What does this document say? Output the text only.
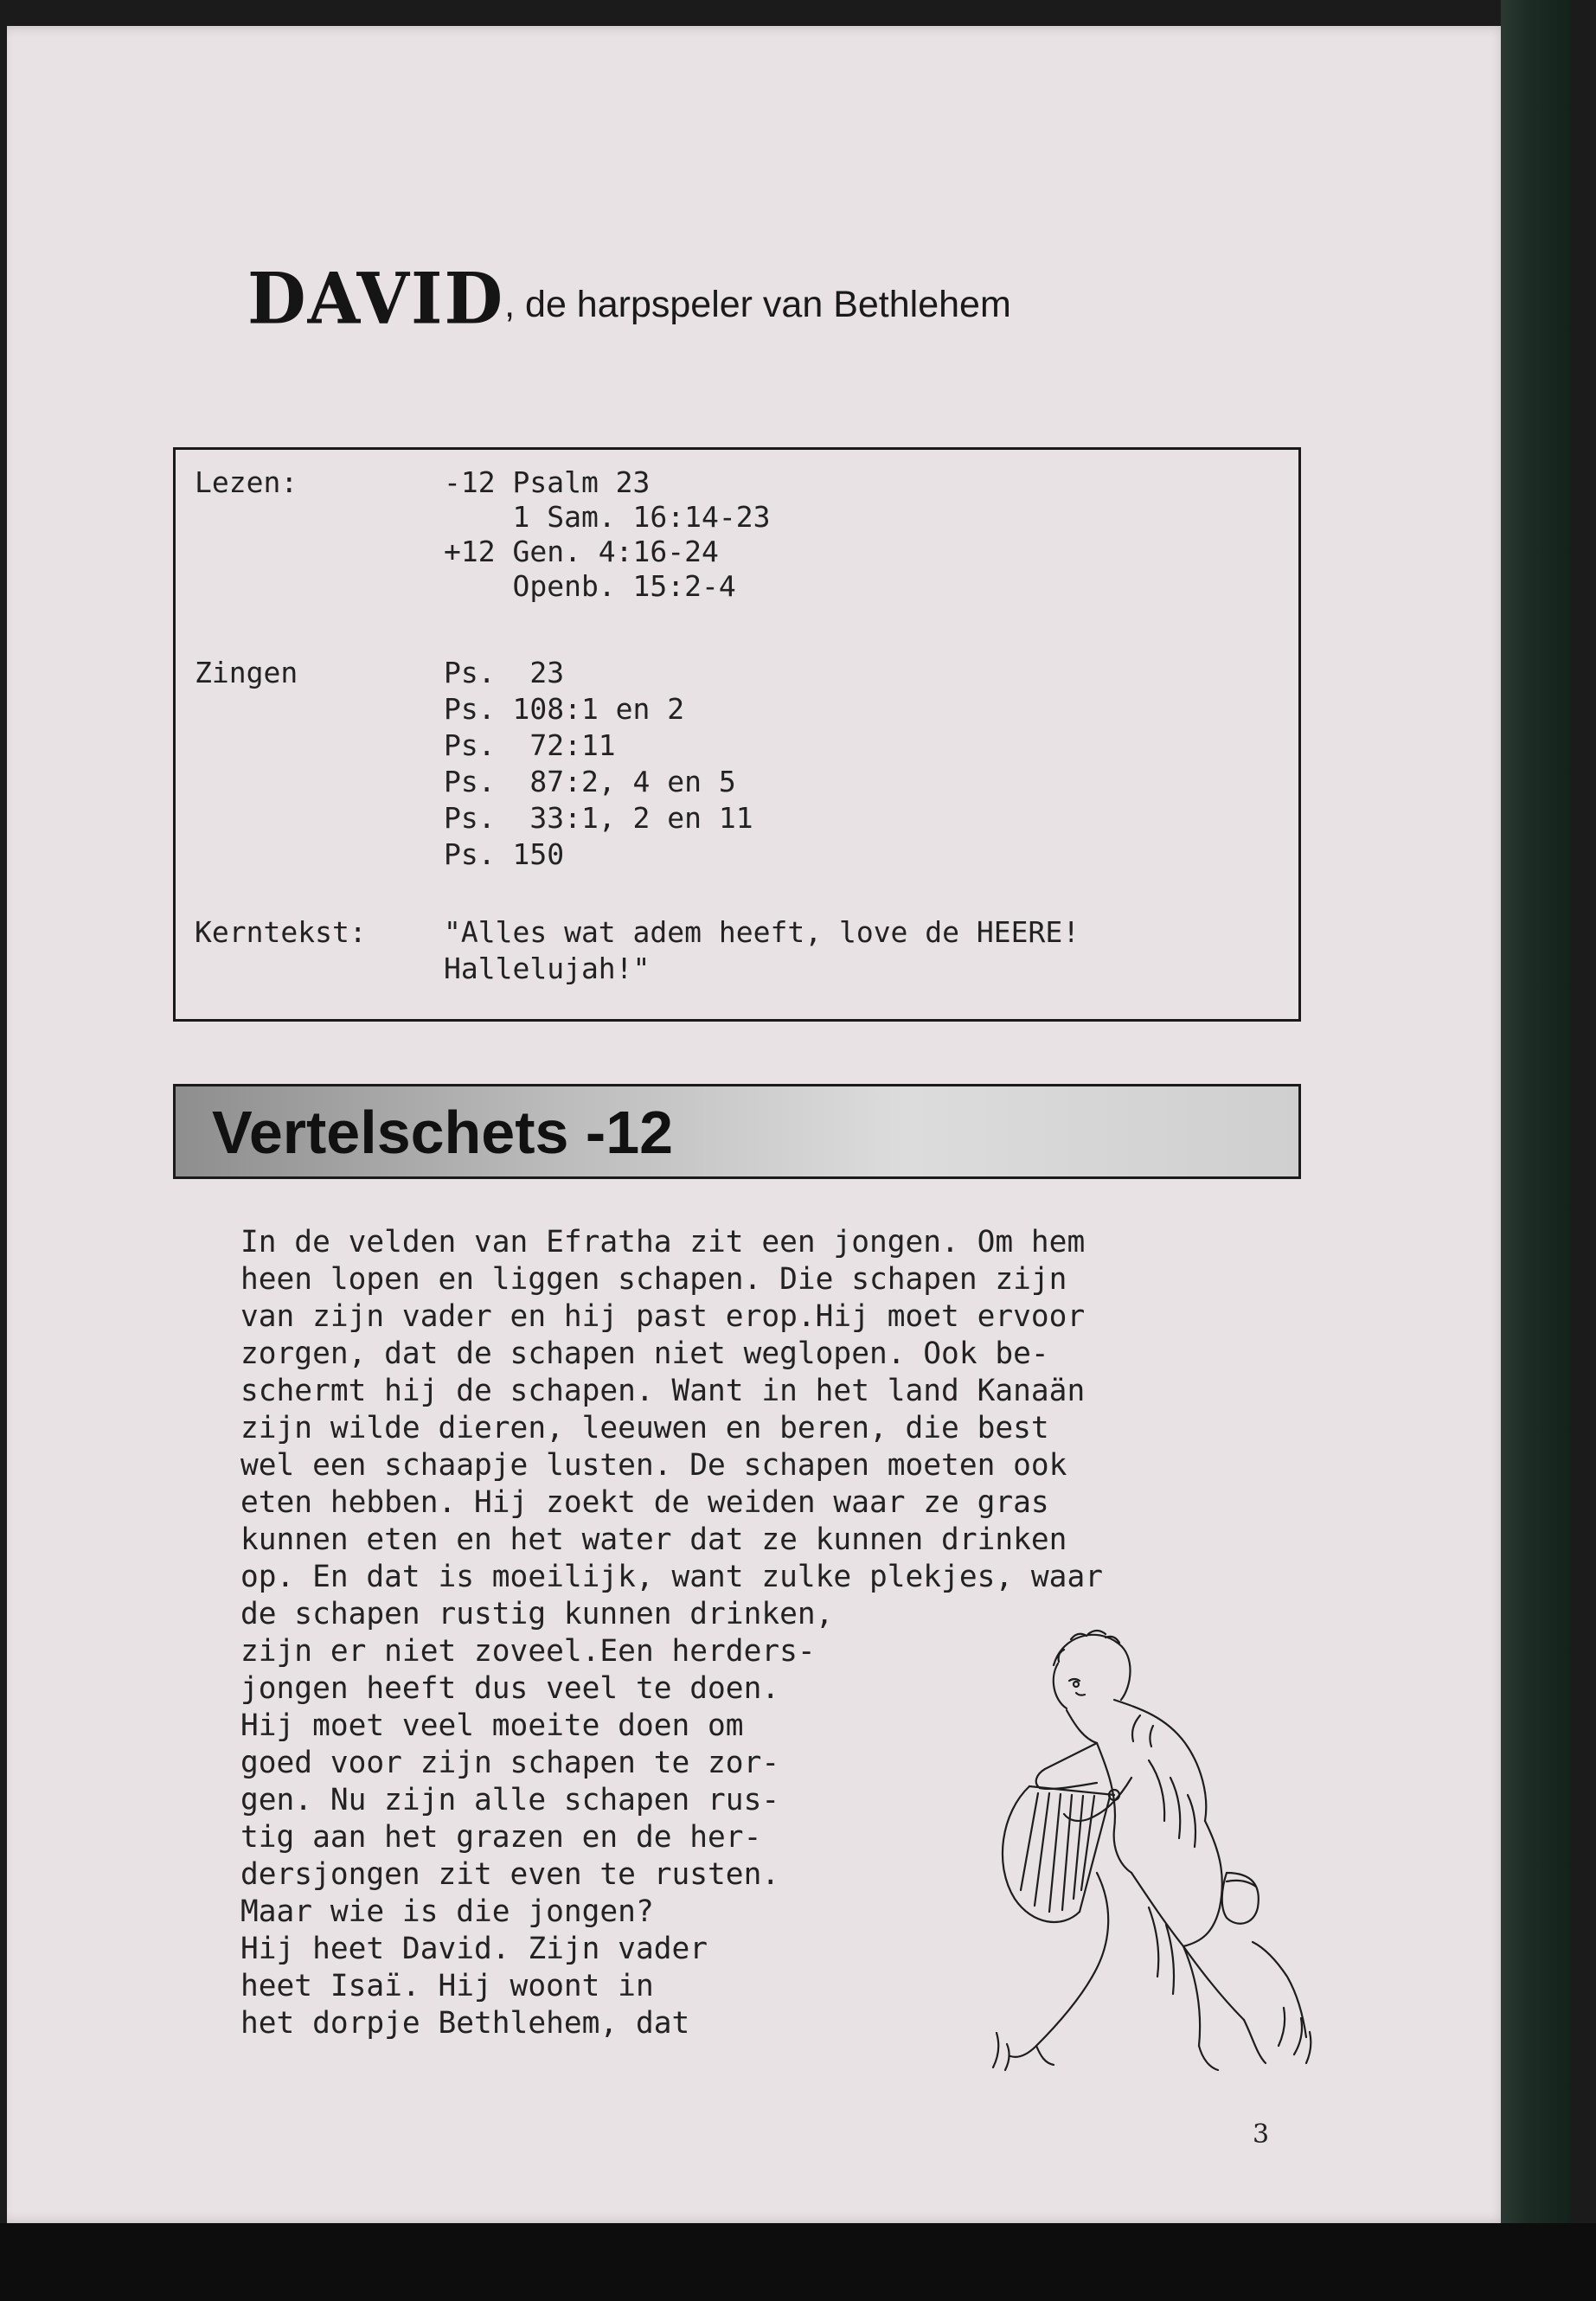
DAVID , de harpspeler van Bethlehem
Lezen:	-12 Psalm 23
1 Sam. 16:14-23
+12 Gen. 4:16-24
Openb. 15:2-4
Zingen	Ps.  23
Ps. 108:1 en 2
Ps.  72:11
Ps.  87:2, 4 en 5
Ps.  33:1, 2 en 11
Ps. 150
Kerntekst:	"Alles wat adem heeft, love de HEERE!
Hallelujah!"
Vertelschets -12
In de velden van Efratha zit een jongen. Om hem
heen lopen en liggen schapen. Die schapen zijn
van zijn vader en hij past erop.Hij moet ervoor
zorgen, dat de schapen niet weglopen. Ook be-
schermt hij de schapen. Want in het land Kanaän
zijn wilde dieren, leeuwen en beren, die best
wel een schaapje lusten. De schapen moeten ook
eten hebben. Hij zoekt de weiden waar ze gras
kunnen eten en het water dat ze kunnen drinken
op. En dat is moeilijk, want zulke plekjes, waar
de schapen rustig kunnen drinken,
zijn er niet zoveel.Een herders-
jongen heeft dus veel te doen.
Hij moet veel moeite doen om
goed voor zijn schapen te zor-
gen. Nu zijn alle schapen rus-
tig aan het grazen en de her-
dersjongen zit even te rusten.
Maar wie is die jongen?
Hij heet David. Zijn vader
heet Isaï. Hij woont in
het dorpje Bethlehem, dat
3
